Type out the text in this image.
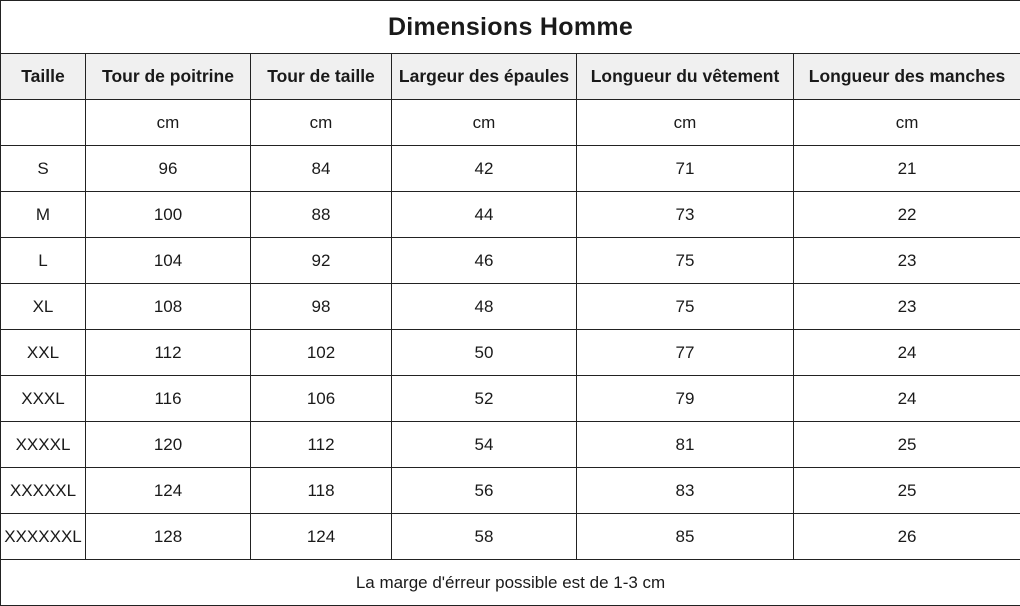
Dimensions Homme					
Taille	Tour de poitrine	Tour de taille	Largeur des épaules	Longueur du vêtement	Longueur des manches
	cm	cm	cm	cm	cm
S	96	84	42	71	21
M	100	88	44	73	22
L	104	92	46	75	23
XL	108	98	48	75	23
XXL	112	102	50	77	24
XXXL	116	106	52	79	24
XXXXL	120	112	54	81	25
XXXXXL	124	118	56	83	25
XXXXXXL	128	124	58	85	26
La marge d'érreur possible est de 1-3 cm					
